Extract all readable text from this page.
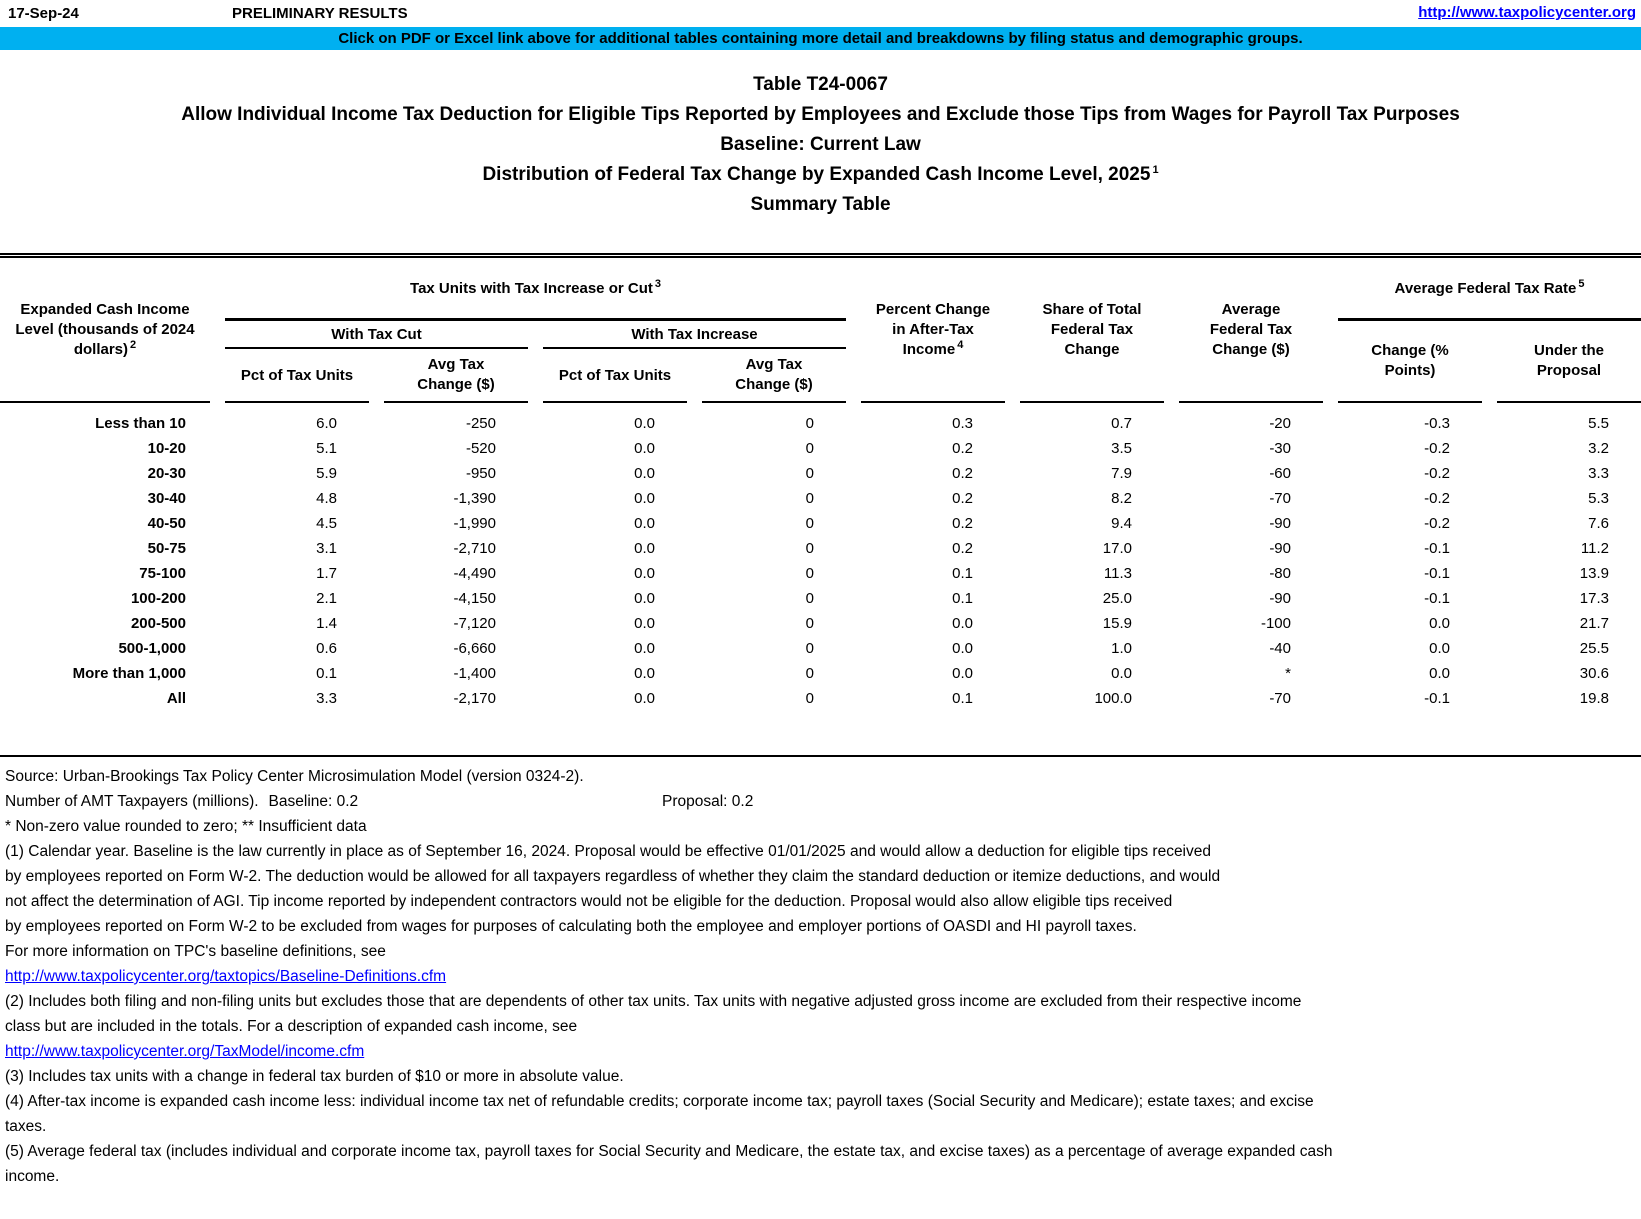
17-Sep-24	PRELIMINARY RESULTS	http://www.taxpolicycenter.org
Click on PDF or Excel link above for additional tables containing more detail and breakdowns by filing status and demographic groups.
Table T24-0067
Allow Individual Income Tax Deduction for Eligible Tips Reported by Employees and Exclude those Tips from Wages for Payroll Tax Purposes
Baseline: Current Law
Distribution of Federal Tax Change by Expanded Cash Income Level, 2025 $^1$
Summary Table
Expanded Cash Income Level (thousands of 2024 dollars) $^2$	Tax Units with Tax Increase or Cut $^3$				Percent Change in After-Tax Income $^4$	Share of Total Federal Tax Change	Average Federal Tax Change ($)	Average Federal Tax Rate $^5$
	With Tax Cut		With Tax Increase					Change (% Points)	Under the Proposal
	Pct of Tax Units	Avg Tax Change ($)	Pct of Tax Units	Avg Tax Change ($)					
Less than 10	6.0	-250	0.0	0	0.3	0.7	-20	-0.3	5.5
10-20	5.1	-520	0.0	0	0.2	3.5	-30	-0.2	3.2
20-30	5.9	-950	0.0	0	0.2	7.9	-60	-0.2	3.3
30-40	4.8	-1,390	0.0	0	0.2	8.2	-70	-0.2	5.3
40-50	4.5	-1,990	0.0	0	0.2	9.4	-90	-0.2	7.6
50-75	3.1	-2,710	0.0	0	0.2	17.0	-90	-0.1	11.2
75-100	1.7	-4,490	0.0	0	0.1	11.3	-80	-0.1	13.9
100-200	2.1	-4,150	0.0	0	0.1	25.0	-90	-0.1	17.3
200-500	1.4	-7,120	0.0	0	0.0	15.9	-100	0.0	21.7
500-1,000	0.6	-6,660	0.0	0	0.0	1.0	-40	0.0	25.5
More than 1,000	0.1	-1,400	0.0	0	0.0	0.0	*	0.0	30.6
All	3.3	-2,170	0.0	0	0.1	100.0	-70	-0.1	19.8
Source: Urban-Brookings Tax Policy Center Microsimulation Model (version 0324-2).
Number of AMT Taxpayers (millions). Baseline: 0.2	Proposal: 0.2
* Non-zero value rounded to zero; ** Insufficient data
(1) Calendar year. Baseline is the law currently in place as of September 16, 2024. Proposal would be effective 01/01/2025 and would allow a deduction for eligible tips received
by employees reported on Form W-2. The deduction would be allowed for all taxpayers regardless of whether they claim the standard deduction or itemize deductions, and would
not affect the determination of AGI. Tip income reported by independent contractors would not be eligible for the deduction. Proposal would also allow eligible tips received
by employees reported on Form W-2 to be excluded from wages for purposes of calculating both the employee and employer portions of OASDI and HI payroll taxes.
For more information on TPC's baseline definitions, see
http://www.taxpolicycenter.org/taxtopics/Baseline-Definitions.cfm
(2) Includes both filing and non-filing units but excludes those that are dependents of other tax units. Tax units with negative adjusted gross income are excluded from their respective income
class but are included in the totals. For a description of expanded cash income, see
http://www.taxpolicycenter.org/TaxModel/income.cfm
(3) Includes tax units with a change in federal tax burden of $10 or more in absolute value.
(4) After-tax income is expanded cash income less: individual income tax net of refundable credits; corporate income tax; payroll taxes (Social Security and Medicare); estate taxes; and excise
taxes.
(5) Average federal tax (includes individual and corporate income tax, payroll taxes for Social Security and Medicare, the estate tax, and excise taxes) as a percentage of average expanded cash
income.
